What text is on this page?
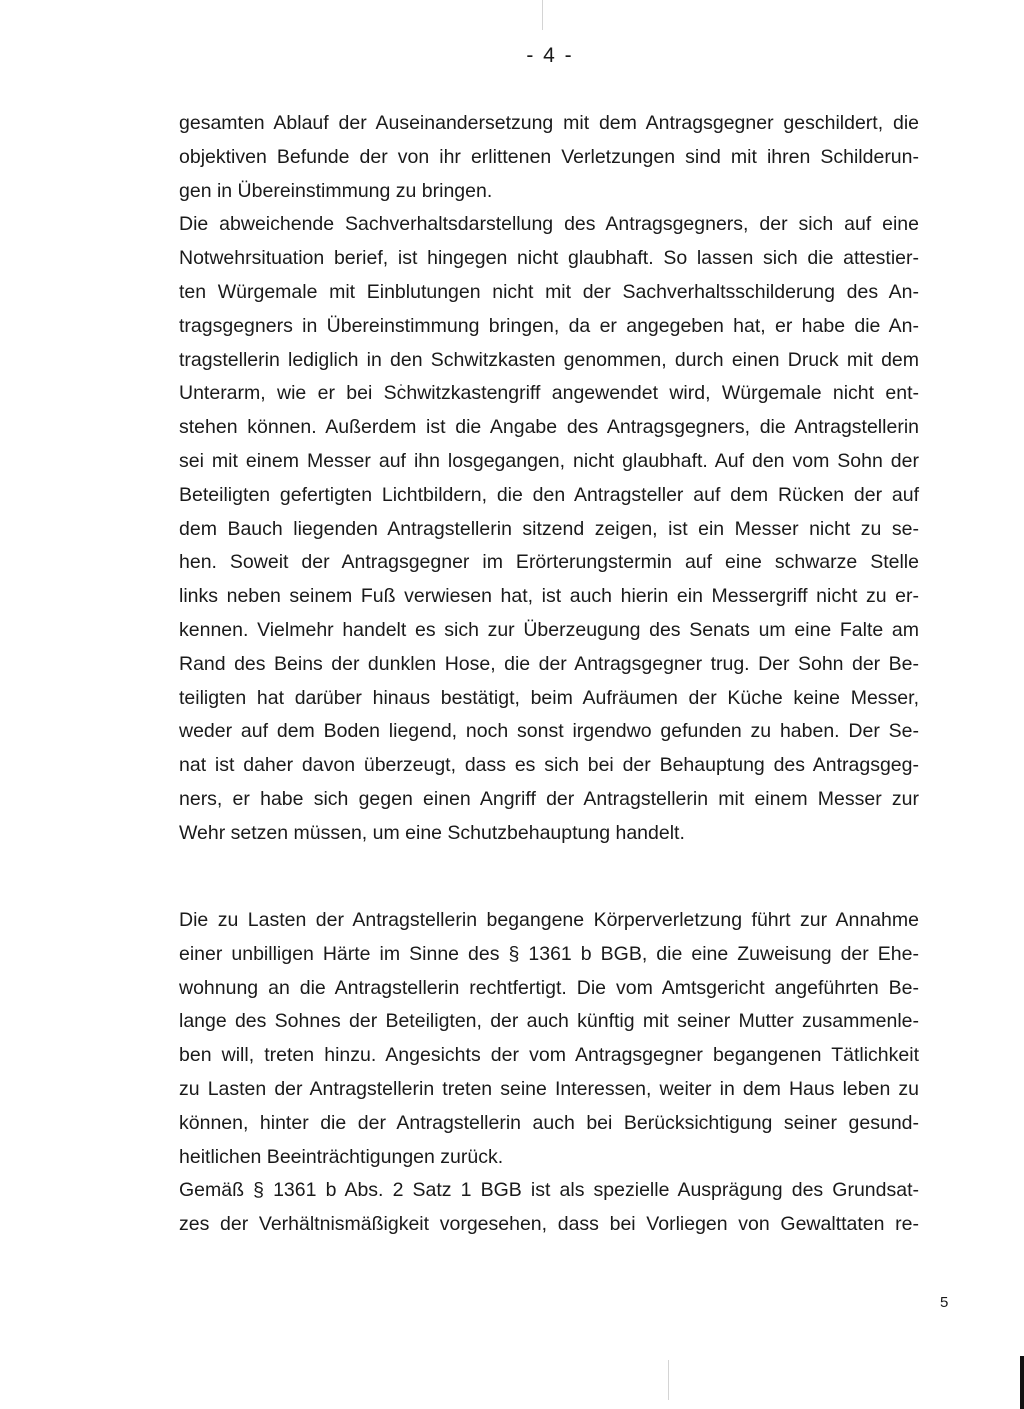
- 4 -
gesamten Ablauf der Auseinandersetzung mit dem Antragsgegner geschildert, die
objektiven Befunde der von ihr erlittenen Verletzungen sind mit ihren Schilderun-
gen in Übereinstimmung zu bringen.
Die abweichende Sachverhaltsdarstellung des Antragsgegners, der sich auf eine
Notwehrsituation berief, ist hingegen nicht glaubhaft. So lassen sich die attestier-
ten Würgemale mit Einblutungen nicht mit der Sachverhaltsschilderung des An-
tragsgegners in Übereinstimmung bringen, da er angegeben hat, er habe die An-
tragstellerin lediglich in den Schwitzkasten genommen, durch einen Druck mit dem
Unterarm, wie er bei Schwitzkastengriff angewendet wird, Würgemale nicht ent-
stehen können. Außerdem ist die Angabe des Antragsgegners, die Antragstellerin
sei mit einem Messer auf ihn losgegangen, nicht glaubhaft. Auf den vom Sohn der
Beteiligten gefertigten Lichtbildern, die den Antragsteller auf dem Rücken der auf
dem Bauch liegenden Antragstellerin sitzend zeigen, ist ein Messer nicht zu se-
hen. Soweit der Antragsgegner im Erörterungstermin auf eine schwarze Stelle
links neben seinem Fuß verwiesen hat, ist auch hierin ein Messergriff nicht zu er-
kennen. Vielmehr handelt es sich zur Überzeugung des Senats um eine Falte am
Rand des Beins der dunklen Hose, die der Antragsgegner trug. Der Sohn der Be-
teiligten hat darüber hinaus bestätigt, beim Aufräumen der Küche keine Messer,
weder auf dem Boden liegend, noch sonst irgendwo gefunden zu haben. Der Se-
nat ist daher davon überzeugt, dass es sich bei der Behauptung des Antragsgeg-
ners, er habe sich gegen einen Angriff der Antragstellerin mit einem Messer zur
Wehr setzen müssen, um eine Schutzbehauptung handelt.
Die zu Lasten der Antragstellerin begangene Körperverletzung führt zur Annahme
einer unbilligen Härte im Sinne des § 1361 b BGB, die eine Zuweisung der Ehe-
wohnung an die Antragstellerin rechtfertigt. Die vom Amtsgericht angeführten Be-
lange des Sohnes der Beteiligten, der auch künftig mit seiner Mutter zusammenle-
ben will, treten hinzu. Angesichts der vom Antragsgegner begangenen Tätlichkeit
zu Lasten der Antragstellerin treten seine Interessen, weiter in dem Haus leben zu
können, hinter die der Antragstellerin auch bei Berücksichtigung seiner gesund-
heitlichen Beeinträchtigungen zurück.
Gemäß § 1361 b Abs. 2 Satz 1 BGB ist als spezielle Ausprägung des Grundsat-
zes der Verhältnismäßigkeit vorgesehen, dass bei Vorliegen von Gewalttaten re-
5
